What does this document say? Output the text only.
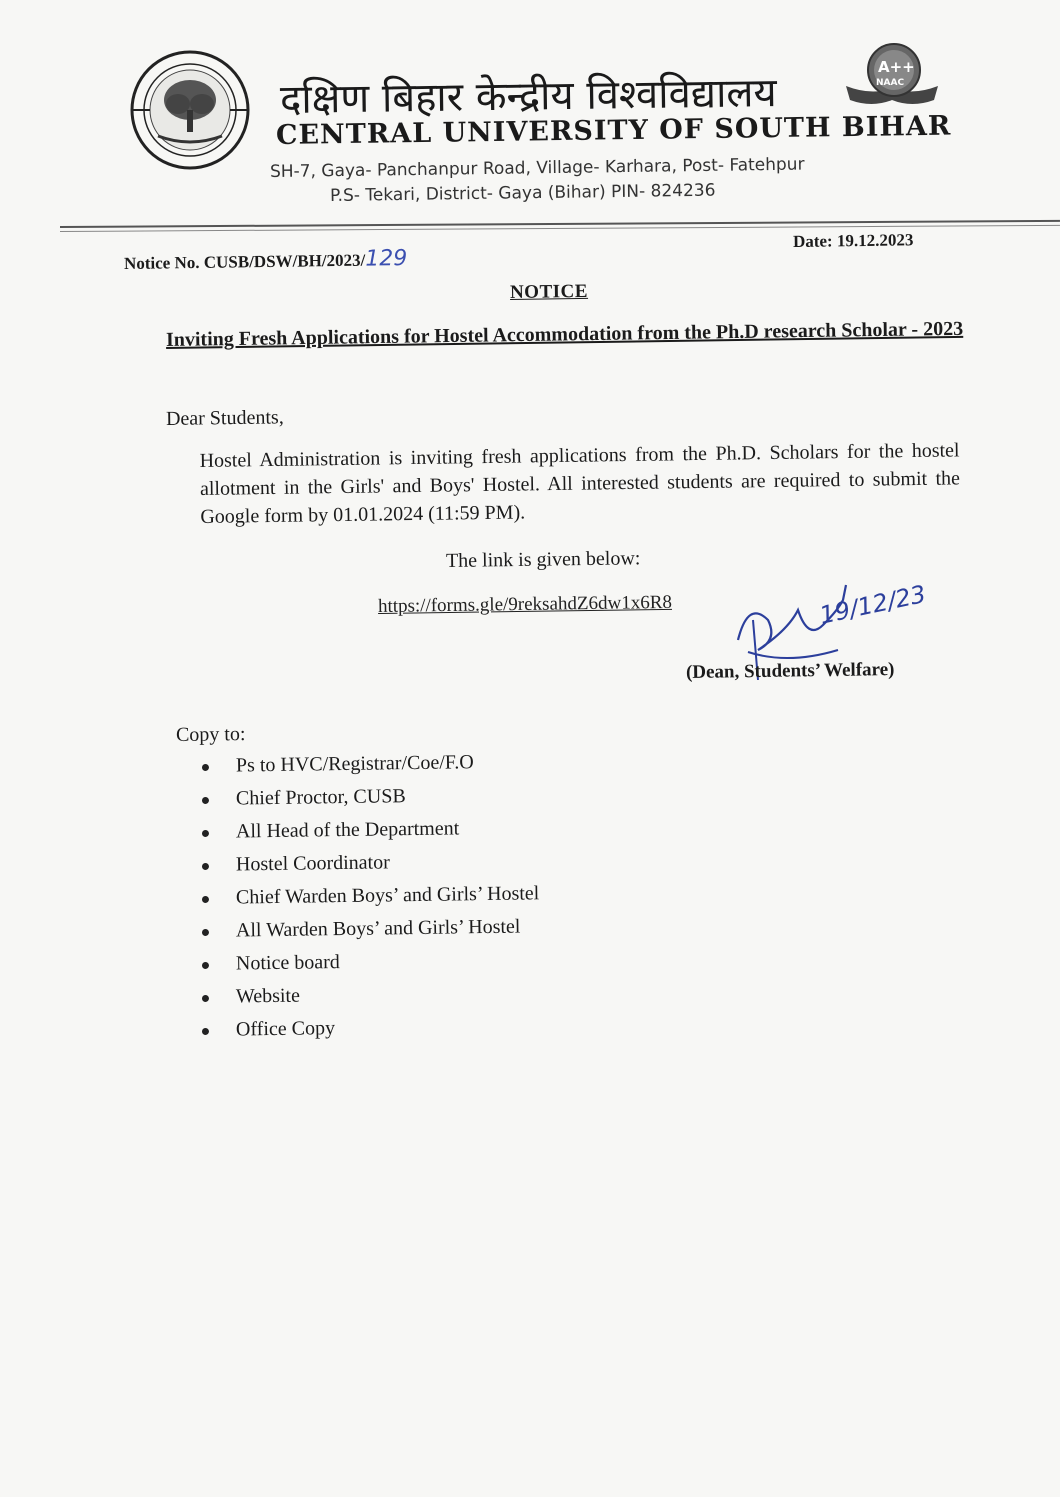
A++
NAAC
दक्षिण बिहार केन्द्रीय विश्वविद्यालय
CENTRAL UNIVERSITY OF SOUTH BIHAR
SH-7, Gaya- Panchanpur Road, Village- Karhara, Post- Fatehpur
P.S- Tekari, District- Gaya (Bihar) PIN- 824236
Notice No. CUSB/DSW/BH/2023/129
Date: 19.12.2023
NOTICE
Inviting Fresh Applications for Hostel Accommodation from the Ph.D research Scholar - 2023
Dear Students,
Hostel Administration is inviting fresh applications from the Ph.D. Scholars for the hostel allotment in the Girls' and Boys' Hostel. All interested students are required to submit the Google form by 01.01.2024 (11:59 PM).
The link is given below:
https://forms.gle/9reksahdZ6dw1x6R8	19/12/23
(Dean, Students’ Welfare)
Copy to:
Ps to HVC/Registrar/Coe/F.O
Chief Proctor, CUSB
All Head of the Department
Hostel Coordinator
Chief Warden Boys’ and Girls’ Hostel
All Warden Boys’ and Girls’ Hostel
Notice board
Website
Office Copy
